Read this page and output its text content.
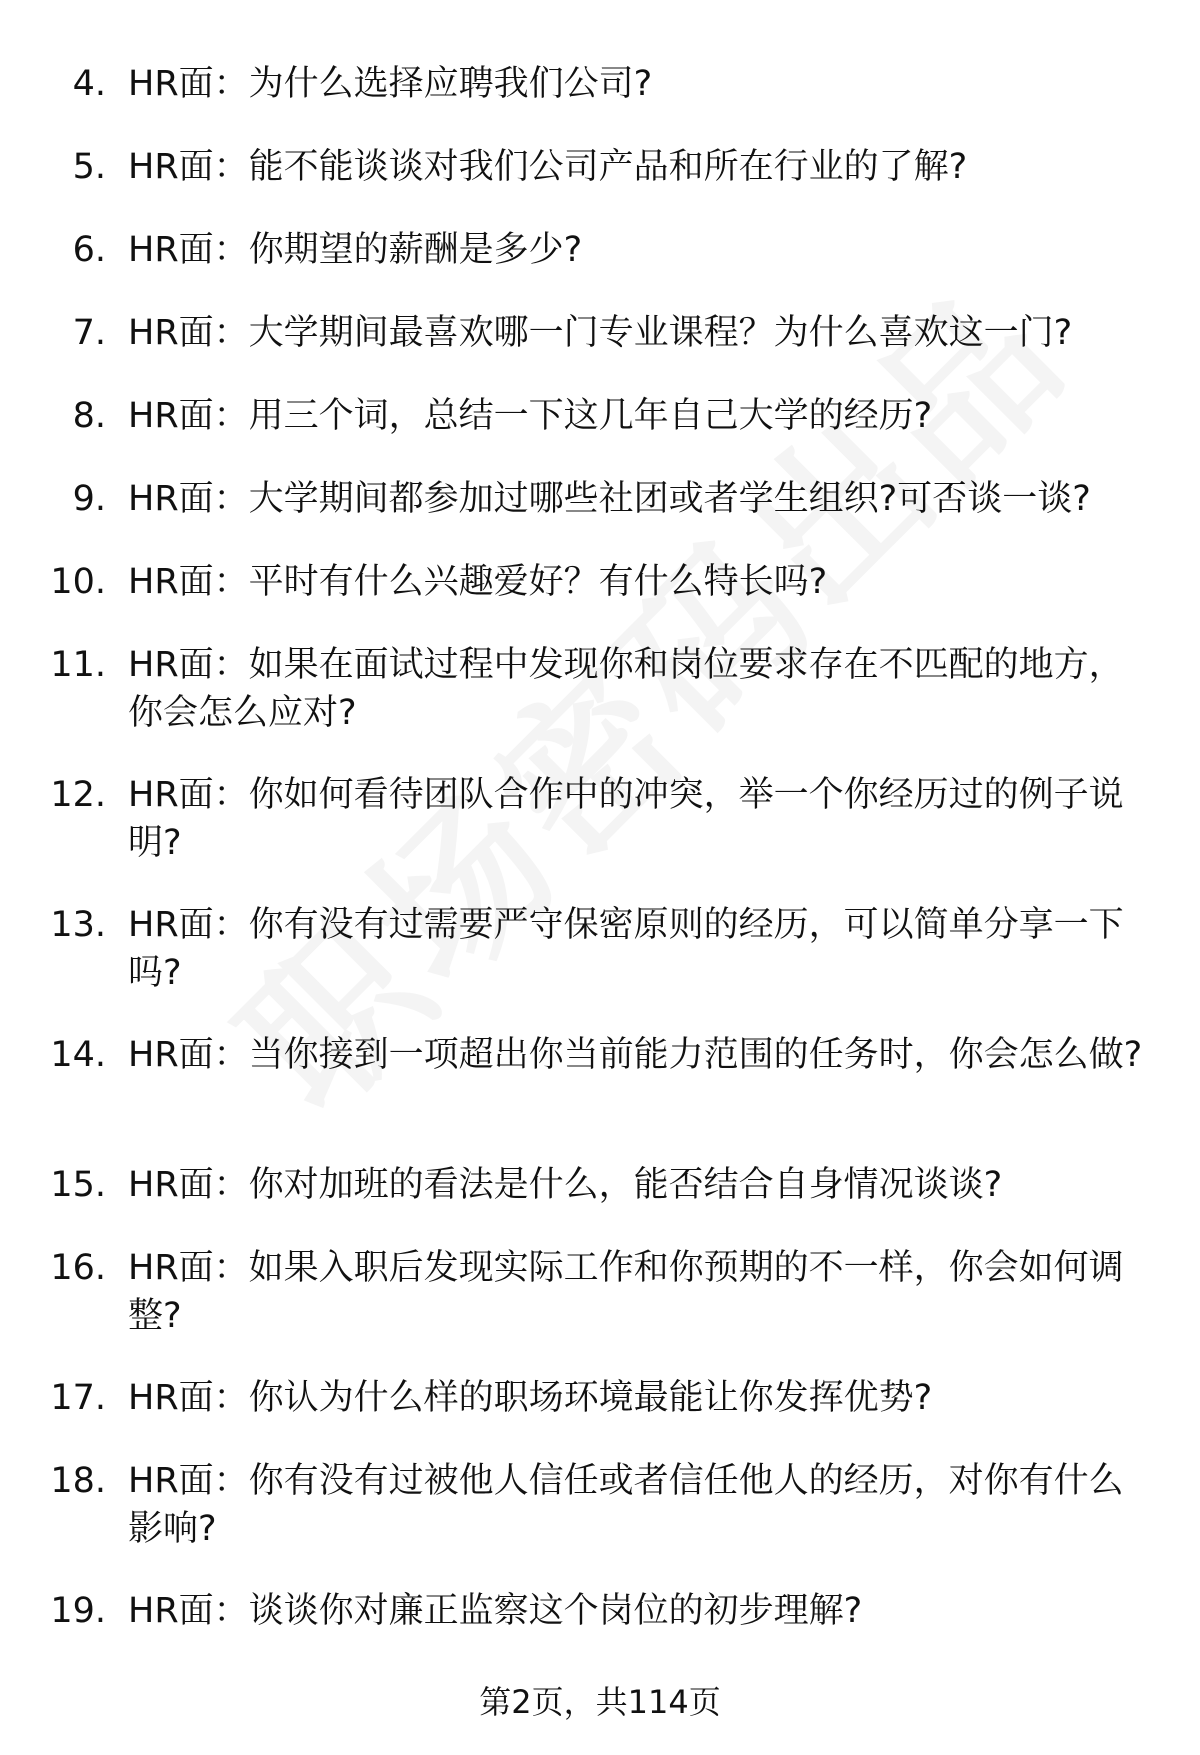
4. HR面：为什么选择应聘我们公司?
5. HR面：能不能谈谈对我们公司产品和所在行业的了解?
6. HR面：你期望的薪酬是多少?
7. HR面：大学期间最喜欢哪一门专业课程？为什么喜欢这一门?
8. HR面：用三个词，总结一下这几年自己大学的经历?
9. HR面：大学期间都参加过哪些社团或者学生组织?可否谈一谈?
10. HR面：平时有什么兴趣爱好？有什么特长吗?
11. HR面：如果在面试过程中发现你和岗位要求存在不匹配的地方，你会怎么应对?
12. HR面：你如何看待团队合作中的冲突，举一个你经历过的例子说明?
13. HR面：你有没有过需要严守保密原则的经历，可以简单分享一下吗?
14. HR面：当你接到一项超出你当前能力范围的任务时，你会怎么做?
15. HR面：你对加班的看法是什么，能否结合自身情况谈谈?
16. HR面：如果入职后发现实际工作和你预期的不一样，你会如何调整?
17. HR面：你认为什么样的职场环境最能让你发挥优势?
18. HR面：你有没有过被他人信任或者信任他人的经历，对你有什么影响?
19. HR面：谈谈你对廉正监察这个岗位的初步理解?
第2页，共114页
